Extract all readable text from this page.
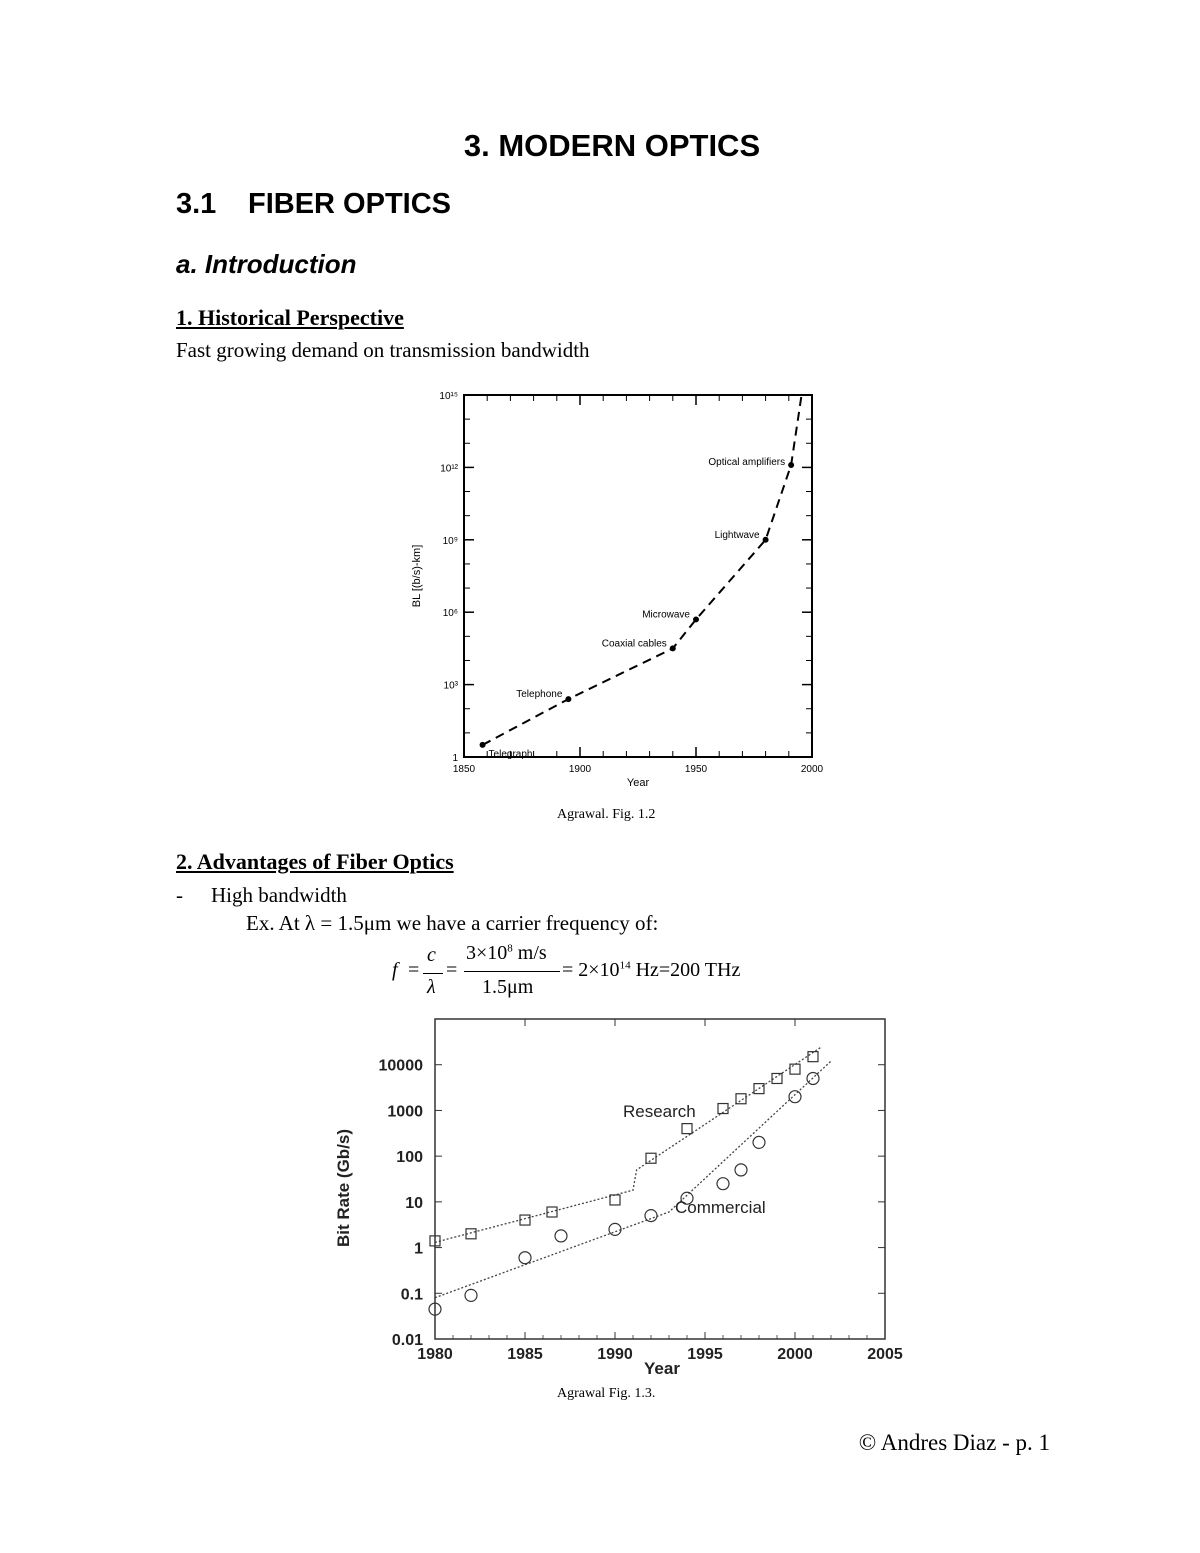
3. MODERN OPTICS
3.1 FIBER OPTICS
a. Introduction
1. Historical Perspective
Fast growing demand on transmission bandwidth
1850	1900	1950	2000
1
10³
10⁶
10⁹
10¹²
10¹⁵
Telegraph
Telephone
Coaxial cables
Microwave
Lightwave
Optical amplifiers
Year
BL [(b/s)-km]
Agrawal. Fig. 1.2
2. Advantages of Fiber Optics
- High bandwidth
Ex. At λ = 1.5μm we have a carrier frequency of:
f =
c
λ
=
$3\times 10^8$ m/s
1.5μm
= $2\times 10^{14}$ Hz=200 THz
1980	1985	1990	1995	2000	2005
0.01
0.1
1
10
100
1000
10000
Research
Commercial
Year
Bit Rate (Gb/s)
Agrawal Fig. 1.3.
© Andres Diaz - p. 1
